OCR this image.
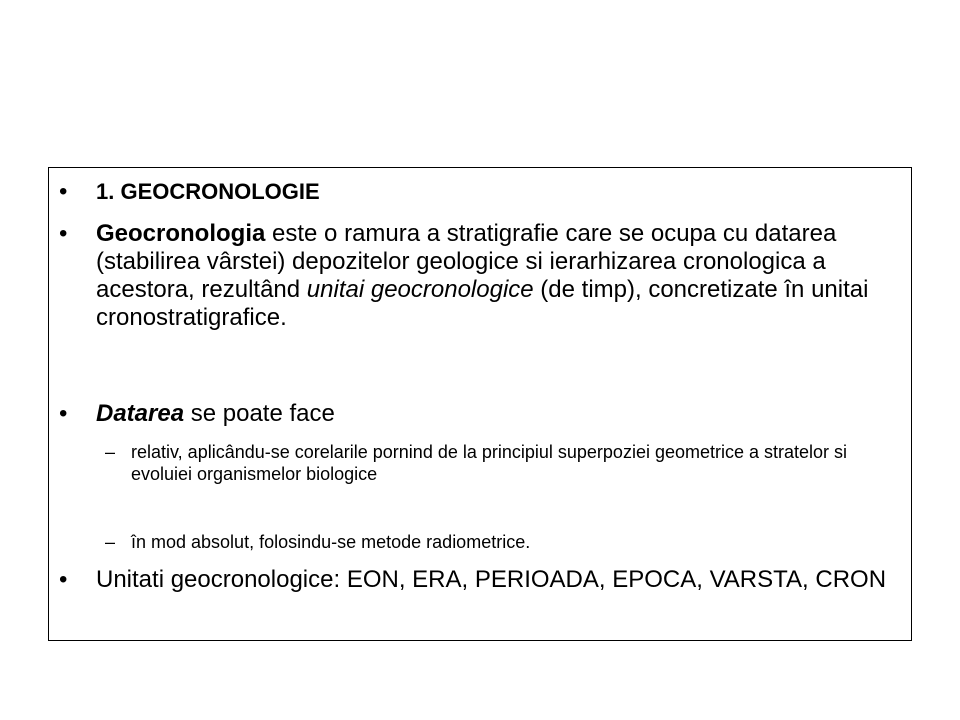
• 1. GEOCRONOLOGIE
• Geocronologia este o ramura a stratigrafie care se ocupa cu datarea (stabilirea vârstei) depozitelor geologice si ierarhizarea cronologica a acestora, rezultând unitai geocronologice (de timp), concretizate în unitai cronostratigrafice.
• Datarea se poate face
– relativ, aplicându-se corelarile pornind de la principiul superpoziei geometrice a stratelor si evoluiei organismelor biologice
– în mod absolut, folosindu-se metode radiometrice.
• Unitati geocronologice: EON, ERA, PERIOADA, EPOCA, VARSTA, CRON
